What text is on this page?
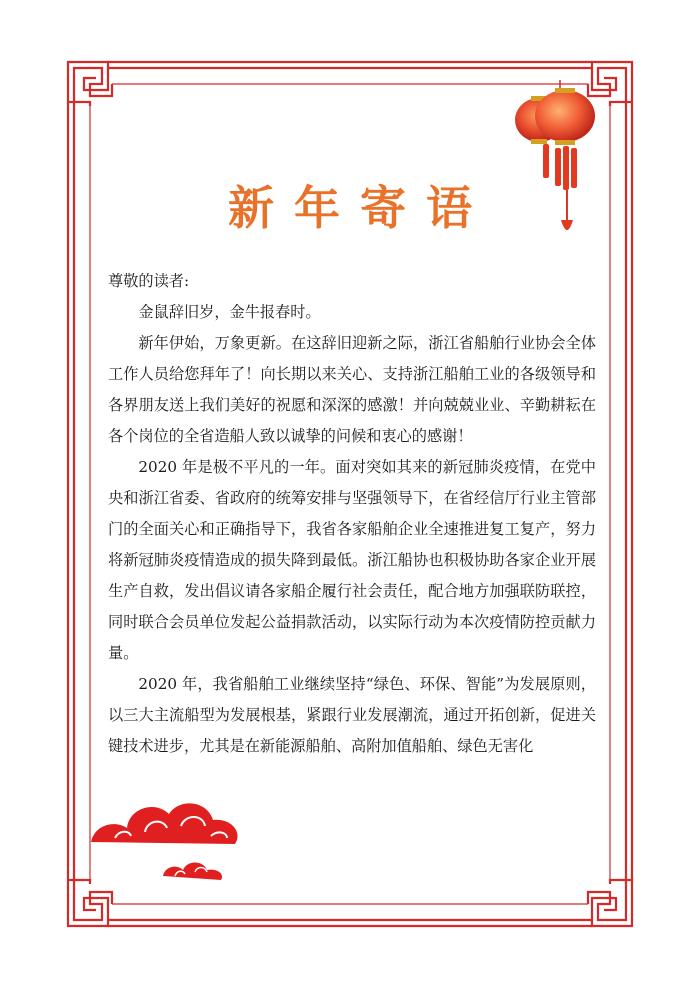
新年寄语

尊敬的读者:

金鼠辞旧岁，金牛报春时。

新年伊始，万象更新。在这辞旧迎新之际，浙江省船舶行业协会全体工作人员给您拜年了！向长期以来关心、支持浙江船舶工业的各级领导和各界朋友送上我们美好的祝愿和深深的感激！并向兢兢业业、辛勤耕耘在各个岗位的全省造船人致以诚挚的问候和衷心的感谢！

2020 年是极不平凡的一年。面对突如其来的新冠肺炎疫情，在党中央和浙江省委、省政府的统筹安排与坚强领导下，在省经信厅行业主管部门的全面关心和正确指导下，我省各家船舶企业全速推进复工复产，努力将新冠肺炎疫情造成的损失降到最低。浙江船协也积极协助各家企业开展生产自救，发出倡议请各家船企履行社会责任，配合地方加强联防联控，同时联合会员单位发起公益捐款活动，以实际行动为本次疫情防控贡献力量。

2020 年，我省船舶工业继续坚持“绿色、环保、智能”为发展原则，以三大主流船型为发展根基，紧跟行业发展潮流，通过开拓创新，促进关键技术进步，尤其是在新能源船舶、高附加值船舶、绿色无害化
